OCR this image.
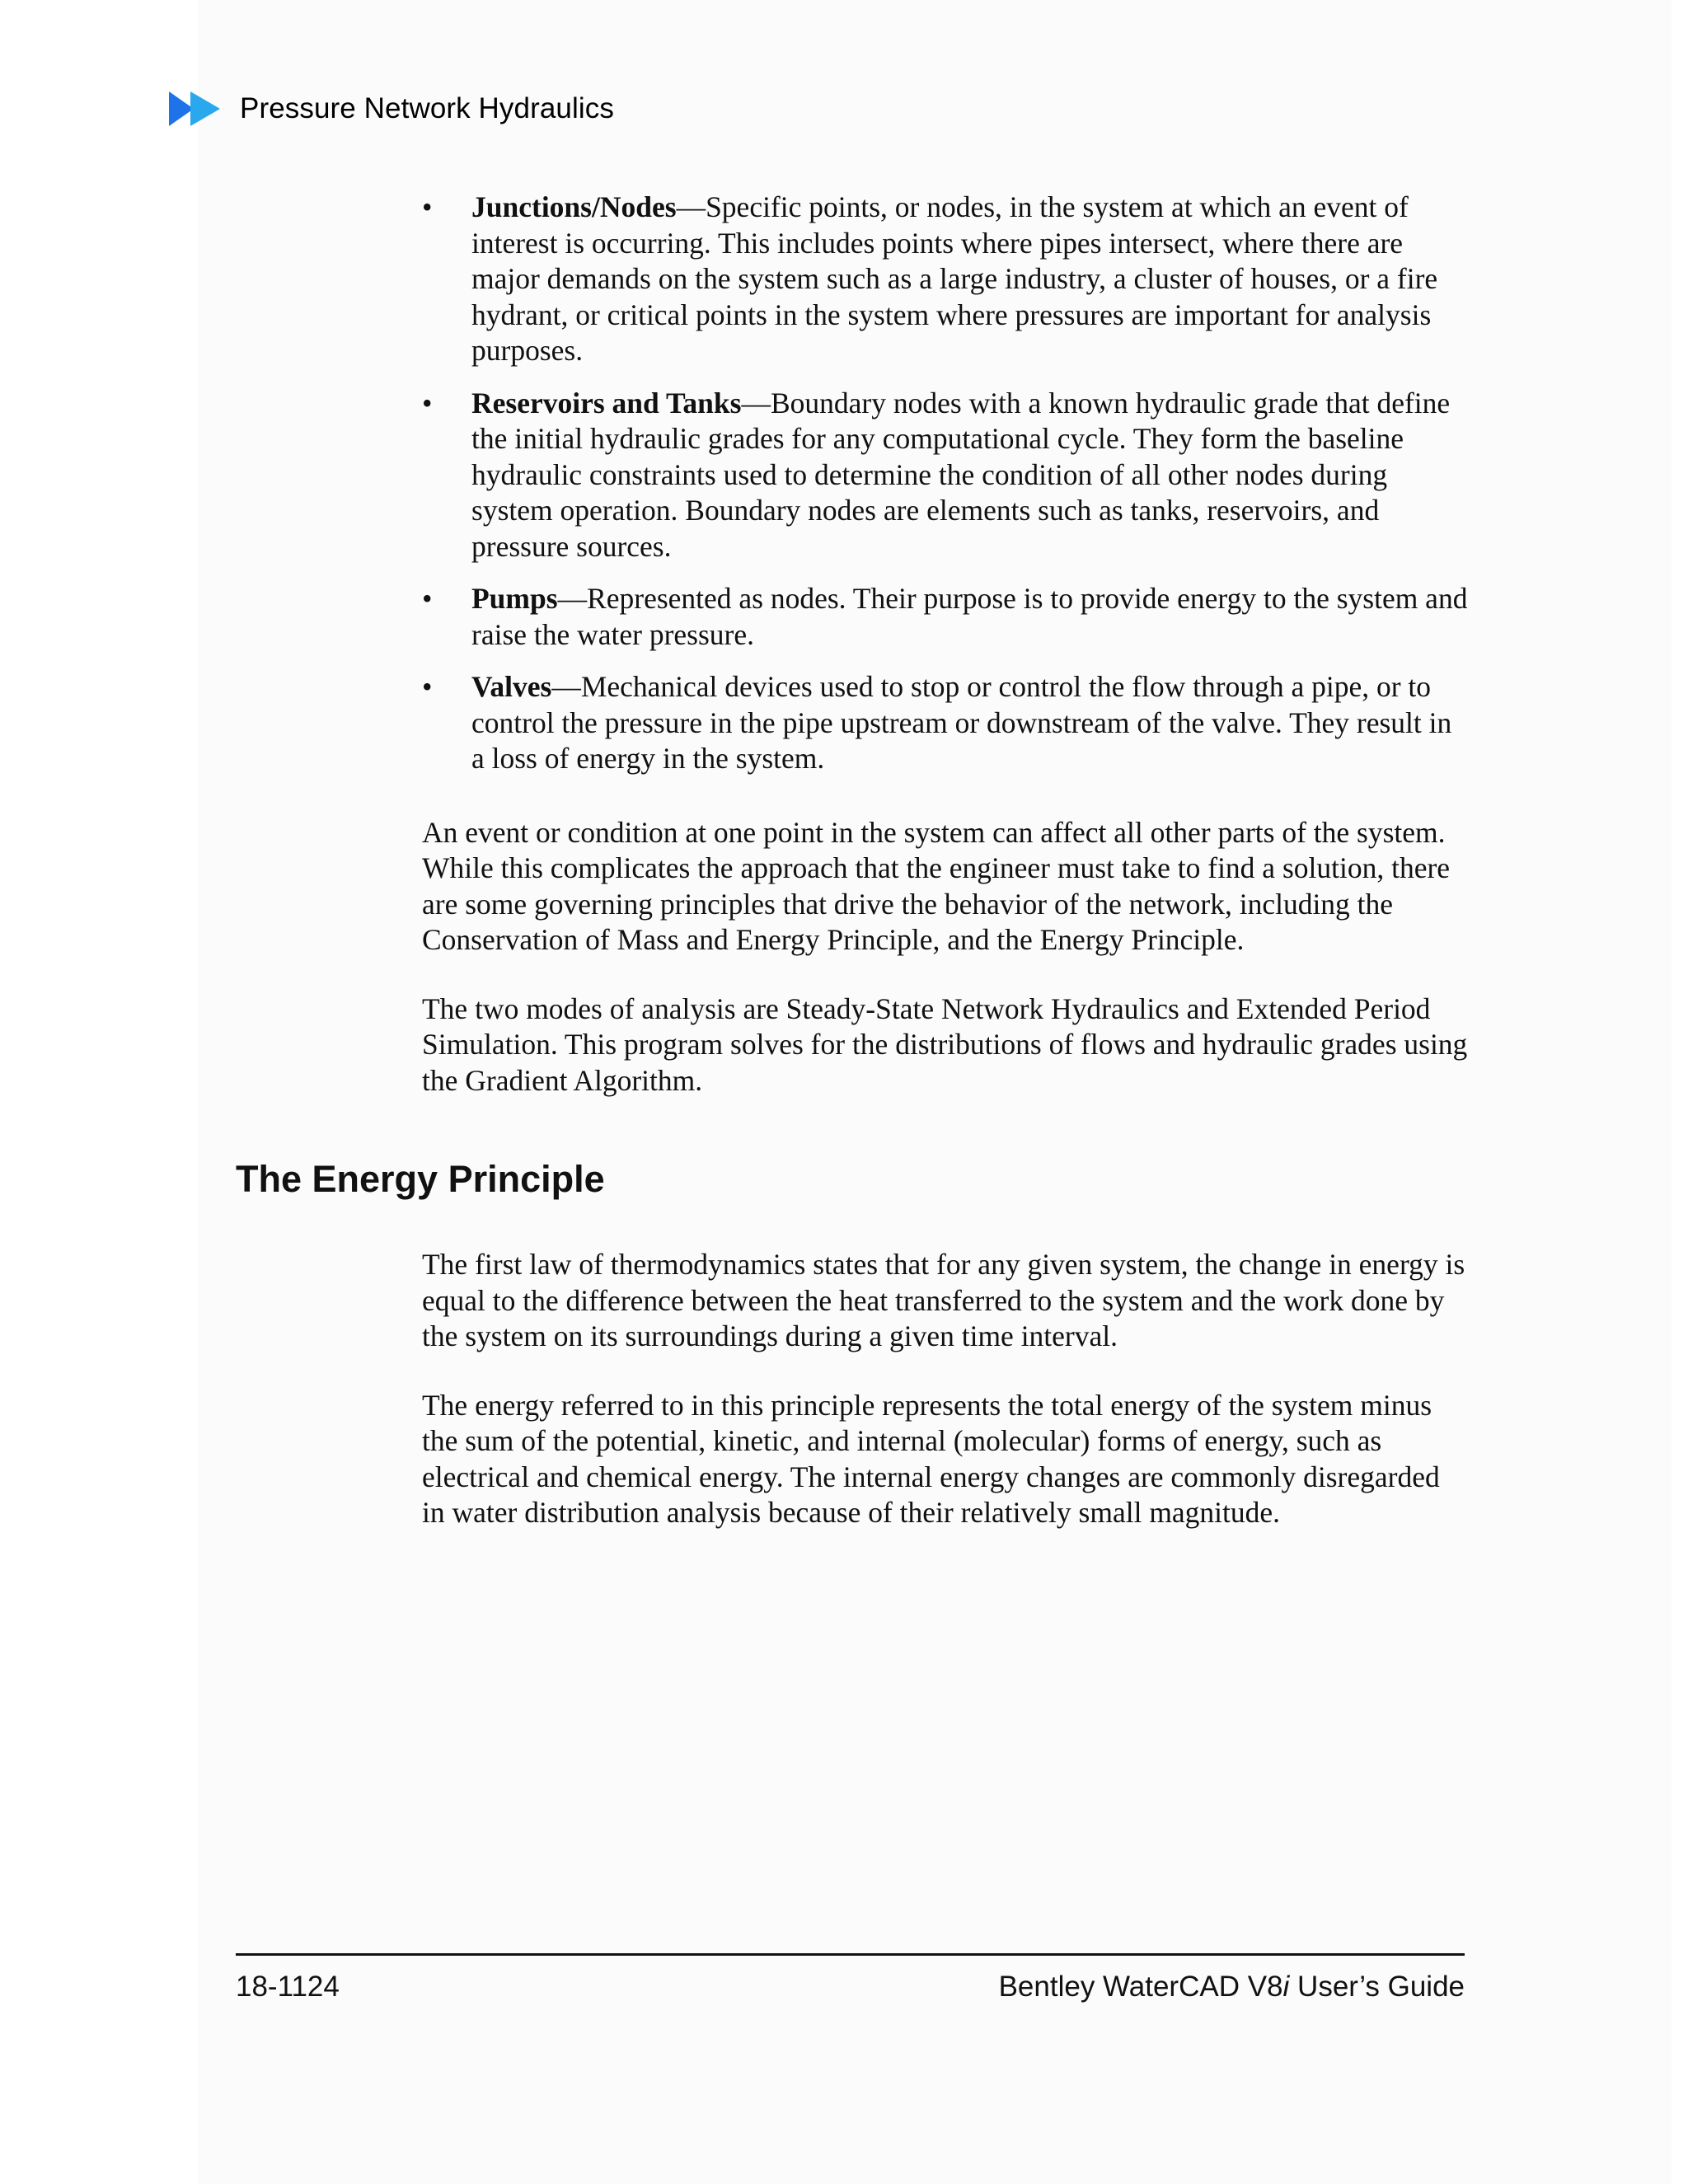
Pressure Network Hydraulics
• Junctions/Nodes—Specific points, or nodes, in the system at which an event of interest is occurring. This includes points where pipes intersect, where there are major demands on the system such as a large industry, a cluster of houses, or a fire hydrant, or critical points in the system where pressures are important for analysis purposes.
• Reservoirs and Tanks—Boundary nodes with a known hydraulic grade that define the initial hydraulic grades for any computational cycle. They form the baseline hydraulic constraints used to determine the condition of all other nodes during system operation. Boundary nodes are elements such as tanks, reservoirs, and pressure sources.
• Pumps—Represented as nodes. Their purpose is to provide energy to the system and raise the water pressure.
• Valves—Mechanical devices used to stop or control the flow through a pipe, or to control the pressure in the pipe upstream or downstream of the valve. They result in a loss of energy in the system.

An event or condition at one point in the system can affect all other parts of the system. While this complicates the approach that the engineer must take to find a solution, there are some governing principles that drive the behavior of the network, including the Conservation of Mass and Energy Principle, and the Energy Principle.

The two modes of analysis are Steady-State Network Hydraulics and Extended Period Simulation. This program solves for the distributions of flows and hydraulic grades using the Gradient Algorithm.

The Energy Principle

The first law of thermodynamics states that for any given system, the change in energy is equal to the difference between the heat transferred to the system and the work done by the system on its surroundings during a given time interval.

The energy referred to in this principle represents the total energy of the system minus the sum of the potential, kinetic, and internal (molecular) forms of energy, such as electrical and chemical energy. The internal energy changes are commonly disregarded in water distribution analysis because of their relatively small magnitude.

18-1124	Bentley WaterCAD V8i User’s Guide
